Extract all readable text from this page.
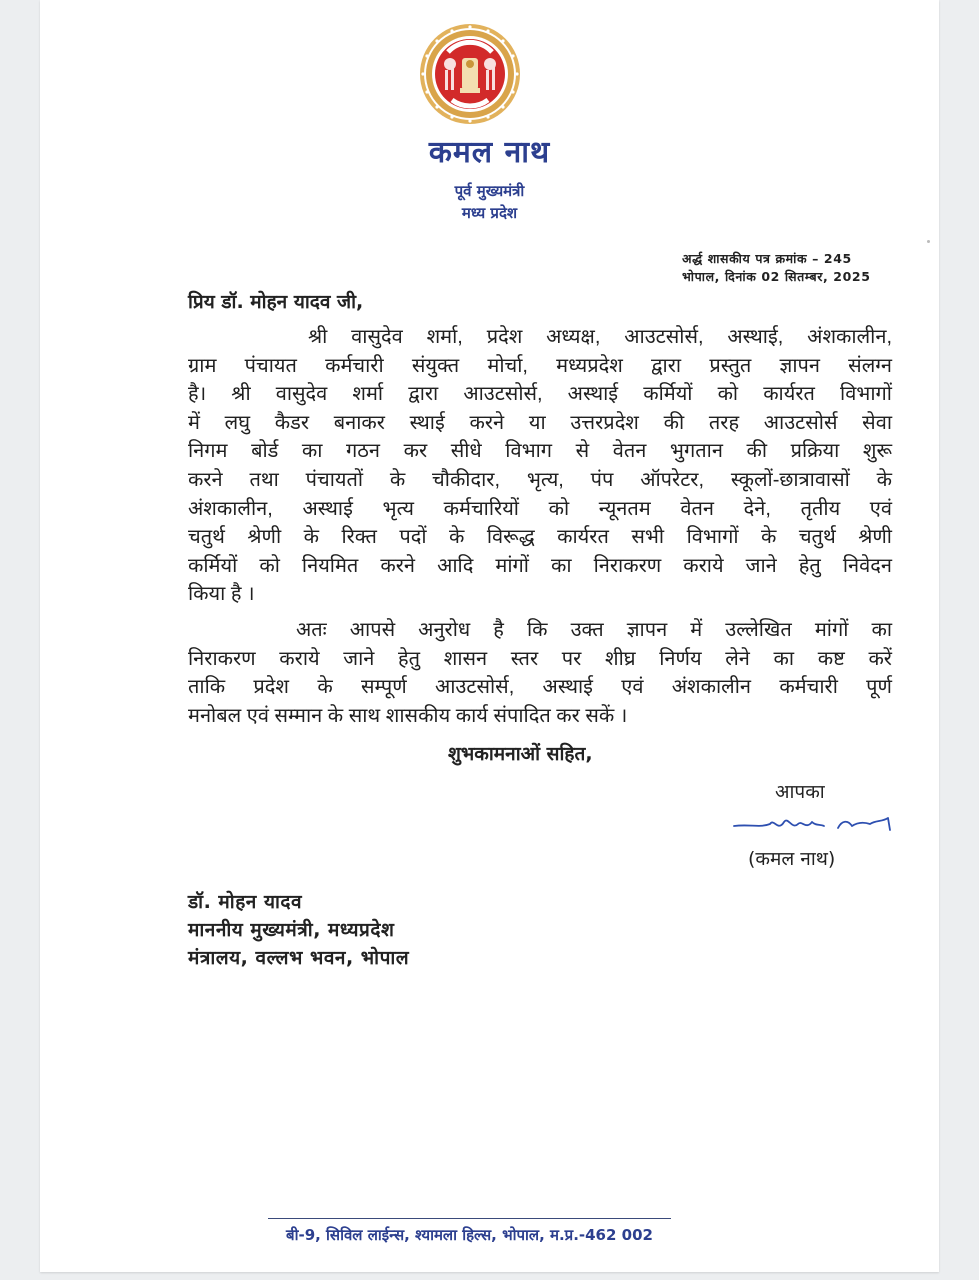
कमल नाथ
पूर्व मुख्यमंत्री
मध्य प्रदेश
अर्द्ध शासकीय पत्र क्रमांक – 245
भोपाल, दिनांक 02 सितम्बर, 2025
प्रिय डॉ. मोहन यादव जी,
श्री वासुदेव शर्मा, प्रदेश अध्यक्ष, आउटसोर्स, अस्थाई, अंशकालीन,
ग्राम पंचायत कर्मचारी संयुक्त मोर्चा, मध्यप्रदेश द्वारा प्रस्तुत ज्ञापन संलग्न
है। श्री वासुदेव शर्मा द्वारा आउटसोर्स, अस्थाई कर्मियों को कार्यरत विभागों
में लघु कैडर बनाकर स्थाई करने या उत्तरप्रदेश की तरह आउटसोर्स सेवा
निगम बोर्ड का गठन कर सीधे विभाग से वेतन भुगतान की प्रक्रिया शुरू
करने तथा पंचायतों के चौकीदार, भृत्य, पंप ऑपरेटर, स्कूलों-छात्रावासों के
अंशकालीन, अस्थाई भृत्य कर्मचारियों को न्यूनतम वेतन देने, तृतीय एवं
चतुर्थ श्रेणी के रिक्त पदों के विरूद्ध कार्यरत सभी विभागों के चतुर्थ श्रेणी
कर्मियों को नियमित करने आदि मांगों का निराकरण कराये जाने हेतु निवेदन
किया है ।
अतः आपसे अनुरोध है कि उक्त ज्ञापन में उल्लेखित मांगों का
निराकरण कराये जाने हेतु शासन स्तर पर शीघ्र निर्णय लेने का कष्ट करें
ताकि प्रदेश के सम्पूर्ण आउटसोर्स, अस्थाई एवं अंशकालीन कर्मचारी पूर्ण
मनोबल एवं सम्मान के साथ शासकीय कार्य संपादित कर सकें ।
शुभकामनाओं सहित,
आपका
(कमल नाथ)
डॉ. मोहन यादव
माननीय मुख्यमंत्री, मध्यप्रदेश
मंत्रालय, वल्लभ भवन, भोपाल
बी-9, सिविल लाईन्स, श्यामला हिल्स, भोपाल, म.प्र.-462 002
